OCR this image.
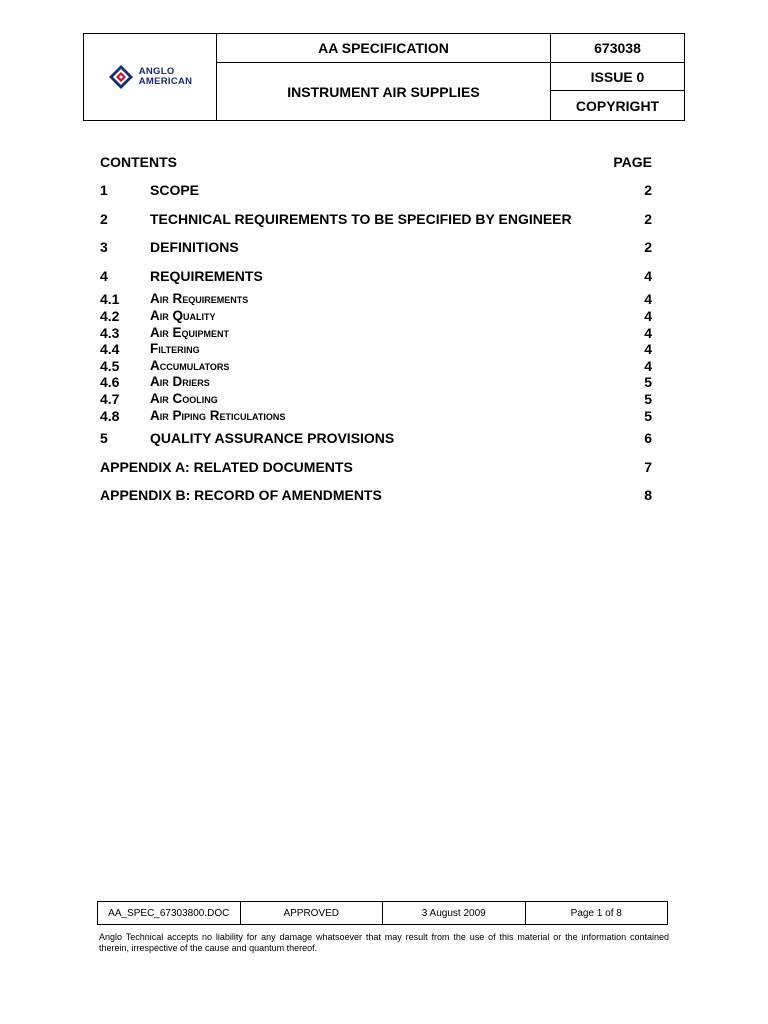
ANGLO
AMERICAN
AA SPECIFICATION
INSTRUMENT AIR SUPPLIES
673038
ISSUE 0
COPYRIGHT
CONTENTS	PAGE
1	SCOPE	2
2	TECHNICAL REQUIREMENTS TO BE SPECIFIED BY ENGINEER	2
3	DEFINITIONS	2
4	REQUIREMENTS	4
4.1 Air Requirements	4
4.2 Air Quality	4
4.3 Air Equipment	4
4.4 Filtering	4
4.5 Accumulators	4
4.6 Air Driers	5
4.7 Air Cooling	5
4.8 Air Piping Reticulations	5
5	QUALITY ASSURANCE PROVISIONS	6
APPENDIX A: RELATED DOCUMENTS	7
APPENDIX B: RECORD OF AMENDMENTS	8
AA_SPEC_67303800.DOC	APPROVED	3 August 2009	Page 1 of 8
Anglo Technical accepts no liability for any damage whatsoever that may result from the use of this material or the information contained therein, irrespective of the cause and quantum thereof.
